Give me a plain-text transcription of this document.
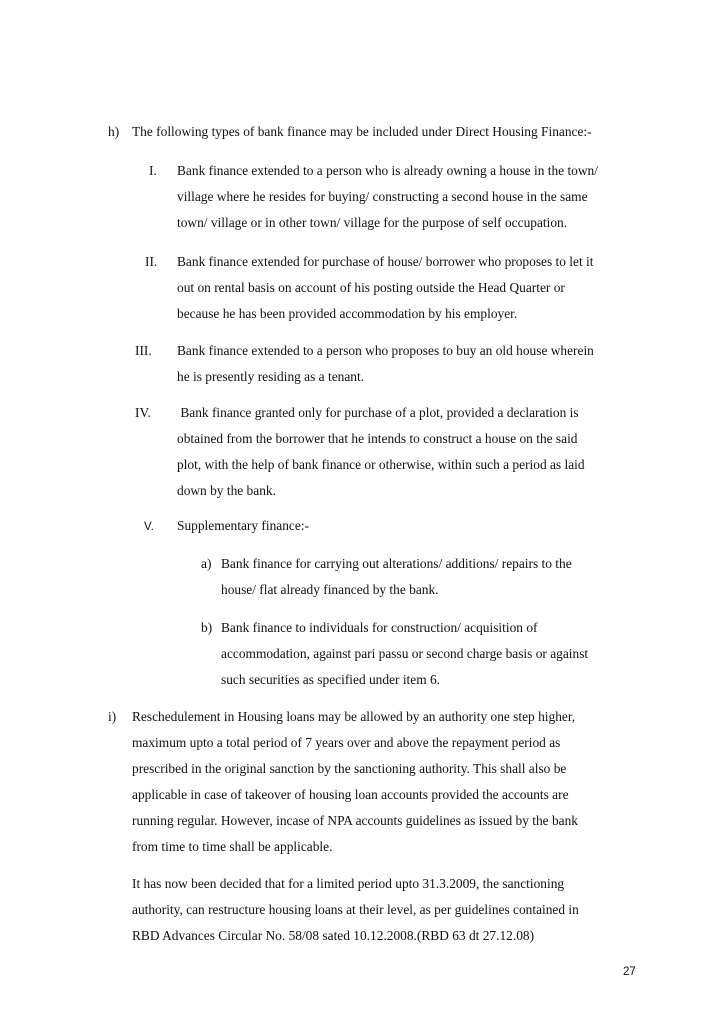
h) The following types of bank finance may be included under Direct Housing Finance:-
I. Bank finance extended to a person who is already owning a house in the town/
village where he resides for buying/ constructing a second house in the same
town/ village or in other town/ village for the purpose of self occupation.
II. Bank finance extended for purchase of house/ borrower who proposes to let it
out on rental basis on account of his posting outside the Head Quarter or
because he has been provided accommodation by his employer.
III. Bank finance extended to a person who proposes to buy an old house wherein
he is presently residing as a tenant.
IV. Bank finance granted only for purchase of a plot, provided a declaration is
obtained from the borrower that he intends to construct a house on the said
plot, with the help of bank finance or otherwise, within such a period as laid
down by the bank.
V. Supplementary finance:-
a) Bank finance for carrying out alterations/ additions/ repairs to the
house/ flat already financed by the bank.
b) Bank finance to individuals for construction/ acquisition of
accommodation, against pari passu or second charge basis or against
such securities as specified under item 6.
i) Reschedulement in Housing loans may be allowed by an authority one step higher,
maximum upto a total period of 7 years over and above the repayment period as
prescribed in the original sanction by the sanctioning authority. This shall also be
applicable in case of takeover of housing loan accounts provided the accounts are
running regular. However, incase of NPA accounts guidelines as issued by the bank
from time to time shall be applicable.
It has now been decided that for a limited period upto 31.3.2009, the sanctioning
authority, can restructure housing loans at their level, as per guidelines contained in
RBD Advances Circular No. 58/08 sated 10.12.2008.(RBD 63 dt 27.12.08)
27
